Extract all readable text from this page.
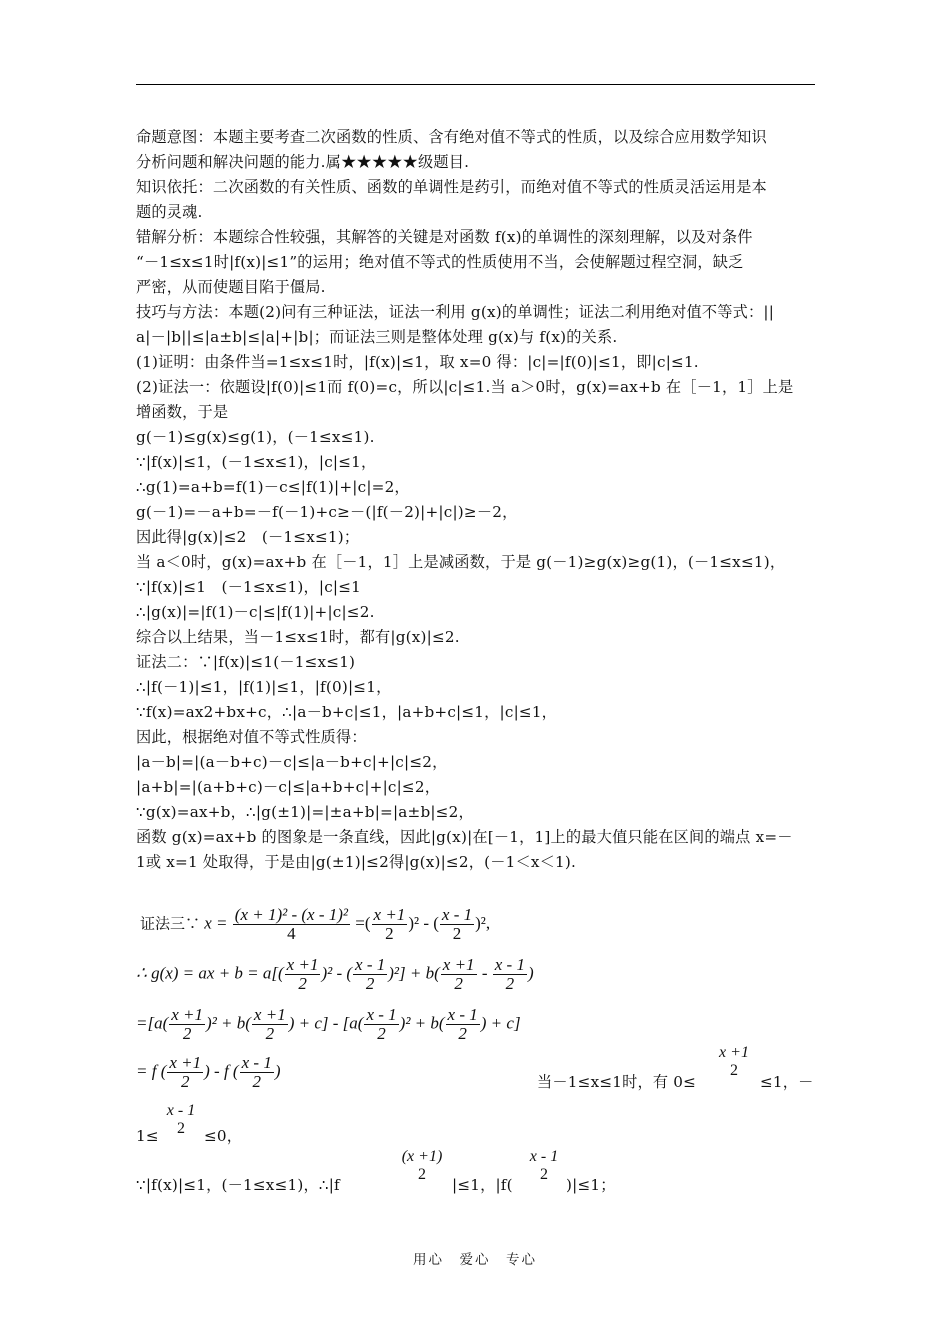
命题意图：本题主要考查二次函数的性质、含有绝对值不等式的性质，以及综合应用数学知识
分析问题和解决问题的能力.属★★★★★级题目.
知识依托：二次函数的有关性质、函数的单调性是药引，而绝对值不等式的性质灵活运用是本
题的灵魂.
错解分析：本题综合性较强，其解答的关键是对函数 f(x)的单调性的深刻理解，以及对条件
“－1≤x≤1时|f(x)|≤1”的运用；绝对值不等式的性质使用不当，会使解题过程空洞，缺乏
严密，从而使题目陷于僵局.
技巧与方法：本题(2)问有三种证法，证法一利用 g(x)的单调性；证法二利用绝对值不等式：||
a|－|b||≤|a±b|≤|a|+|b|；而证法三则是整体处理 g(x)与 f(x)的关系.
(1)证明：由条件当=1≤x≤1时，|f(x)|≤1，取 x=0 得：|c|=|f(0)|≤1，即|c|≤1.
(2)证法一：依题设|f(0)|≤1而 f(0)=c，所以|c|≤1.当 a＞0时，g(x)=ax+b 在［－1，1］上是
增函数，于是
g(－1)≤g(x)≤g(1)，(－1≤x≤1).
∵|f(x)|≤1，(－1≤x≤1)，|c|≤1，
∴g(1)=a+b=f(1)－c≤|f(1)|+|c|=2，
g(－1)=－a+b=－f(－1)+c≥－(|f(－2)|+|c|)≥－2，
因此得|g(x)|≤2　(－1≤x≤1)；
当 a＜0时，g(x)=ax+b 在［－1，1］上是减函数，于是 g(－1)≥g(x)≥g(1)，(－1≤x≤1)，
∵|f(x)|≤1　(－1≤x≤1)，|c|≤1
∴|g(x)|=|f(1)－c|≤|f(1)|+|c|≤2.
综合以上结果，当－1≤x≤1时，都有|g(x)|≤2.
证法二：∵|f(x)|≤1(－1≤x≤1)
∴|f(－1)|≤1，|f(1)|≤1，|f(0)|≤1，
∵f(x)=ax2+bx+c，∴|a－b+c|≤1，|a+b+c|≤1，|c|≤1，
因此，根据绝对值不等式性质得：
|a－b|=|(a－b+c)－c|≤|a－b+c|+|c|≤2，
|a+b|=|(a+b+c)－c|≤|a+b+c|+|c|≤2，
∵g(x)=ax+b，∴|g(±1)|=|±a+b|=|a±b|≤2，
函数 g(x)=ax+b 的图象是一条直线，因此|g(x)|在[－1，1]上的最大值只能在区间的端点 x=－
1或 x=1 处取得，于是由|g(±1)|≤2得|g(x)|≤2，(－1＜x＜1).
证法三∵ $x = \frac{\text{(x + 1)² - (x - 1)²}}{4}$ =( $\frac{x +1}{2} )^2$ - ( $\frac{x - 1}{2} )^2$,
∴ g(x) = ax + $b = a[( \frac{x +1}{2} )^2$ - ( $\frac{x - 1}{2} )^2] + b( \frac{x +1}{2} - \frac{x - 1}{2}$ )
$=[a( \frac{x +1}{2} )^2 + b( \frac{x +1}{2}$ ) + $c] - [a( \frac{x - 1}{2} )^2 + b( \frac{x - 1}{2}$ ) + c]
= f ( $\frac{x +1}{2}$ ) - f ( $\frac{x - 1}{2}$ )
当－1≤x≤1时，有 0≤
x +1
2
≤1，－
x - 1
2
1≤	≤0，
∵|f(x)|≤1，(－1≤x≤1)，∴|f
(x +1)
2
|≤1，|f(
x - 1
2
)|≤1；
用心　爱心　专心
